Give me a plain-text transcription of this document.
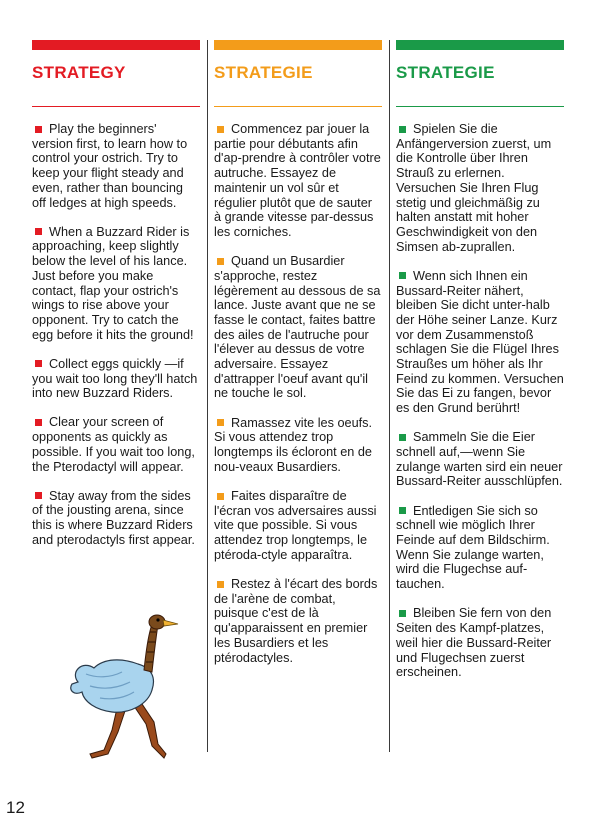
STRATEGY

Play the beginners' version first, to learn how to control your ostrich. Try to keep your flight steady and even, rather than bouncing off ledges at high speeds.

When a Buzzard Rider is approaching, keep slightly below the level of his lance. Just before you make contact, flap your ostrich's wings to rise above your opponent. Try to catch the egg before it hits the ground!

Collect eggs quickly —if you wait too long they'll hatch into new Buzzard Riders.

Clear your screen of opponents as quickly as possible. If you wait too long, the Pterodactyl will appear.

Stay away from the sides of the jousting arena, since this is where Buzzard Riders and pterodactyls first appear.

STRATEGIE

Commencez par jouer la partie pour débutants afin d'ap-prendre à contrôler votre autruche. Essayez de maintenir un vol sûr et régulier plutôt que de sauter à grande vitesse par-dessus les corniches.

Quand un Busardier s'approche, restez légèrement au dessous de sa lance. Juste avant que ne se fasse le contact, faites battre des ailes de l'autruche pour l'élever au dessus de votre adversaire. Essayez d'attrapper l'oeuf avant qu'il ne touche le sol.

Ramassez vite les oeufs. Si vous attendez trop longtemps ils écloront en de nou-veaux Busardiers.

Faites disparaître de l'écran vos adversaires aussi vite que possible. Si vous attendez trop longtemps, le ptéroda-ctyle apparaîtra.

Restez à l'écart des bords de l'arène de combat, puisque c'est de là qu'apparaissent en premier les Busardiers et les ptérodactyles.

STRATEGIE

Spielen Sie die Anfängerversion zuerst, um die Kontrolle über Ihren Strauß zu erlernen. Versuchen Sie Ihren Flug stetig und gleichmäßig zu halten anstatt mit hoher Geschwindigkeit von den Simsen ab-zuprallen.

Wenn sich Ihnen ein Bussard-Reiter nähert, bleiben Sie dicht unter-halb der Höhe seiner Lanze. Kurz vor dem Zusammenstoß schlagen Sie die Flügel Ihres Straußes um höher als Ihr Feind zu kommen. Versuchen Sie das Ei zu fangen, bevor es den Grund berührt!

Sammeln Sie die Eier schnell auf,—wenn Sie zulange warten sird ein neuer Bussard-Reiter ausschlüpfen.

Entledigen Sie sich so schnell wie möglich Ihrer Feinde auf dem Bildschirm. Wenn Sie zulange warten, wird die Flugechse auf-tauchen.

Bleiben Sie fern von den Seiten des Kampf-platzes, weil hier die Bussard-Reiter und Flugechsen zuerst erscheinen.

12
